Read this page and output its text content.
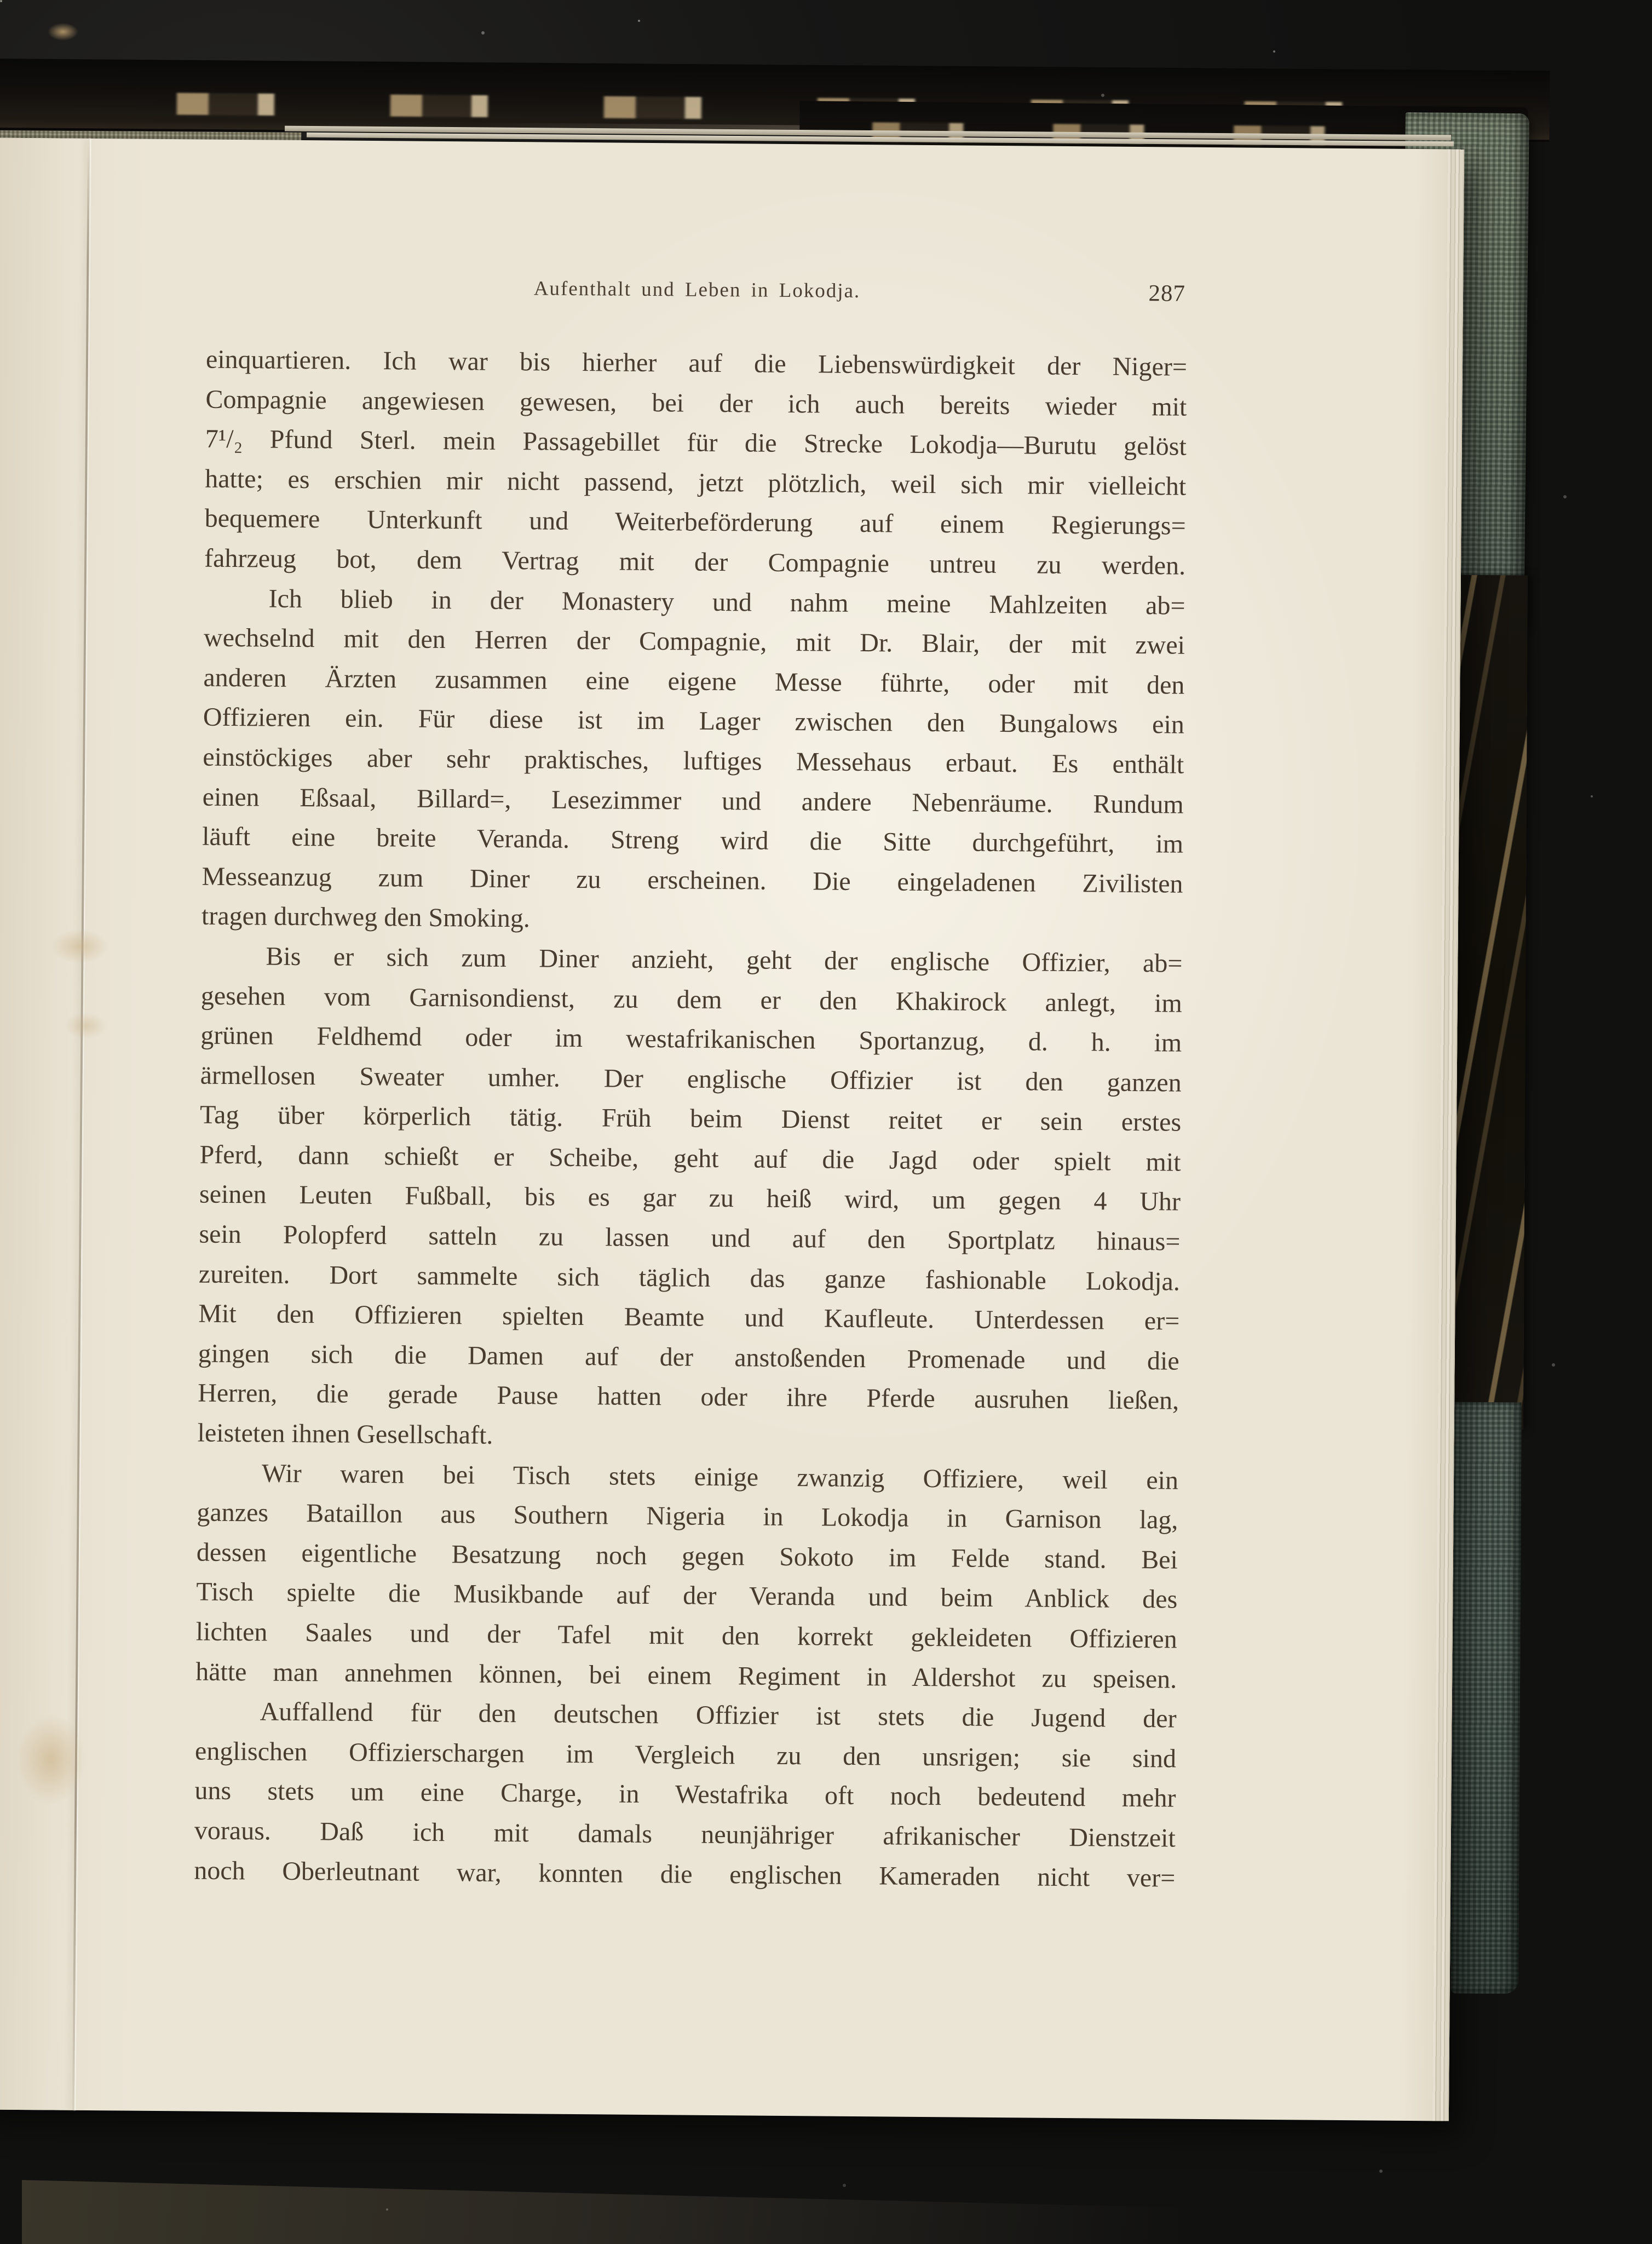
Aufenthalt und Leben in Lokodja.	287
einquartieren. Ich war bis hierher auf die Liebenswürdigkeit der Niger=
Compagnie angewiesen gewesen, bei der ich auch bereits wieder mit
7¹/₂ Pfund Sterl. mein Passagebillet für die Strecke Lokodja—Burutu gelöst
hatte; es erschien mir nicht passend, jetzt plötzlich, weil sich mir vielleicht
bequemere Unterkunft und Weiterbeförderung auf einem Regierungs=
fahrzeug bot, dem Vertrag mit der Compagnie untreu zu werden.
Ich blieb in der Monastery und nahm meine Mahlzeiten ab=
wechselnd mit den Herren der Compagnie, mit Dr. Blair, der mit zwei
anderen Ärzten zusammen eine eigene Messe führte, oder mit den
Offizieren ein. Für diese ist im Lager zwischen den Bungalows ein
einstöckiges aber sehr praktisches, luftiges Messehaus erbaut. Es enthält
einen Eßsaal, Billard=, Lesezimmer und andere Nebenräume. Rundum
läuft eine breite Veranda. Streng wird die Sitte durchgeführt, im
Messeanzug zum Diner zu erscheinen. Die eingeladenen Zivilisten
tragen durchweg den Smoking.
Bis er sich zum Diner anzieht, geht der englische Offizier, ab=
gesehen vom Garnisondienst, zu dem er den Khakirock anlegt, im
grünen Feldhemd oder im westafrikanischen Sportanzug, d. h. im
ärmellosen Sweater umher. Der englische Offizier ist den ganzen
Tag über körperlich tätig. Früh beim Dienst reitet er sein erstes
Pferd, dann schießt er Scheibe, geht auf die Jagd oder spielt mit
seinen Leuten Fußball, bis es gar zu heiß wird, um gegen 4 Uhr
sein Polopferd satteln zu lassen und auf den Sportplatz hinaus=
zureiten. Dort sammelte sich täglich das ganze fashionable Lokodja.
Mit den Offizieren spielten Beamte und Kaufleute. Unterdessen er=
gingen sich die Damen auf der anstoßenden Promenade und die
Herren, die gerade Pause hatten oder ihre Pferde ausruhen ließen,
leisteten ihnen Gesellschaft.
Wir waren bei Tisch stets einige zwanzig Offiziere, weil ein
ganzes Bataillon aus Southern Nigeria in Lokodja in Garnison lag,
dessen eigentliche Besatzung noch gegen Sokoto im Felde stand. Bei
Tisch spielte die Musikbande auf der Veranda und beim Anblick des
lichten Saales und der Tafel mit den korrekt gekleideten Offizieren
hätte man annehmen können, bei einem Regiment in Aldershot zu speisen.
Auffallend für den deutschen Offizier ist stets die Jugend der
englischen Offizierschargen im Vergleich zu den unsrigen; sie sind
uns stets um eine Charge, in Westafrika oft noch bedeutend mehr
voraus. Daß ich mit damals neunjähriger afrikanischer Dienstzeit
noch Oberleutnant war, konnten die englischen Kameraden nicht ver=
